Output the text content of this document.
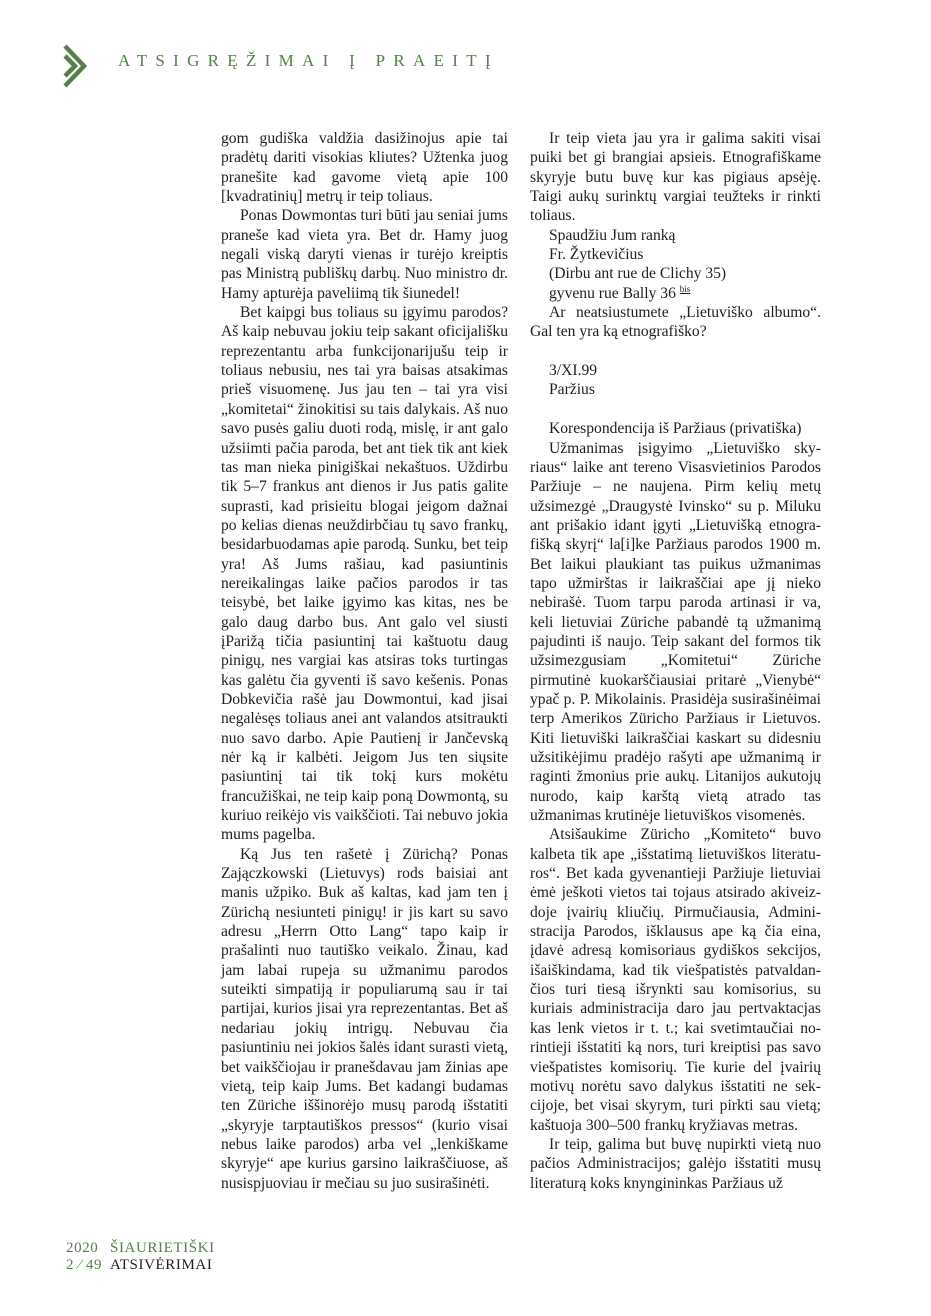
ATSIGRĘŽIMAI Į PRAEITĮ

gom gudiška valdžia dasižinojus apie tai pradėtų dariti visokias kliutes? Užtenka juog pranešite kad gavome vietą apie 100 [kvadratinių] metrų ir teip toliaus.

Ponas Dowmontas turi būti jau seniai jums praneše kad vieta yra. Bet dr. Hamy juog negali viską daryti vienas ir turėjo kreiptis pas Ministrą publiškų darbų. Nuo ministro dr. Hamy apturėja paveliimą tik šiunedel!

Bet kaipgi bus toliaus su įgyimu parodos? Aš kaip nebuvau jokiu teip sakant oficijališku reprezentantu arba funkcijonarijušu teip ir toliaus nebusiu, nes tai yra baisas atsakimas prieš visuomenę. Jus jau ten – tai yra visi „komitetai“ žinokitisi su tais dalykais. Aš nuo savo pusės galiu duoti rodą, mislę, ir ant galo užsiimti pačia paroda, bet ant tiek tik ant kiek tas man nieka pinigiškai nekaštuos. Uždirbu tik 5–7 frankus ant dienos ir Jus patis galite suprasti, kad prisieitu blogai jeigom dažnai po kelias dienas neuždirbčiau tų savo frankų, besidarbuodamas apie parodą. Sunku, bet teip yra! Aš Jums rašiau, kad pasiuntinis nereikalingas laike pačios parodos ir tas teisybė, bet laike įgyimo kas kitas, nes be galo daug darbo bus. Ant galo vel siusti įParižą tičia pasiuntinį tai kaštuotu daug pinigų, nes vargiai kas atsiras toks turtingas kas galėtu čia gyventi iš savo kešenis. Ponas Dobkevičia rašė jau Dowmontui, kad jisai negalėsęs toliaus anei ant valandos atsitraukti nuo savo darbo. Apie Pautienį ir Jančevską nėr ką ir kalbėti. Jeigom Jus ten siųsite pasiuntinį tai tik tokį kurs mokėtu francužiškai, ne teip kaip poną Dowmontą, su kuriuo reikėjo vis vaikščioti. Tai nebuvo jokia mums pagelba.

Ką Jus ten rašetė į Zürichą? Ponas Zajączkowski (Lietuvys) rods baisiai ant manis užpiko. Buk aš kaltas, kad jam ten į Zürichą nesiunteti pinigų! ir jis kart su savo adresu „Herrn Otto Lang“ tapo kaip ir prašalinti nuo tautiško veikalo. Žinau, kad jam labai rupeja su užmanimu parodos suteikti simpatiją ir populiarumą sau ir tai partijai, kurios jisai yra reprezentantas. Bet aš nedariau jokių intrigų. Nebuvau čia pasiuntiniu nei jokios šalės idant surasti vietą, bet vaikščiojau ir pranešdavau jam žinias ape vietą, teip kaip Jums. Bet kadangi budamas ten Züriche iššinorėjo musų parodą išstatiti „skyryje tarptautiškos pressos“ (kurio visai nebus laike parodos) arba vel „lenkiškame skyryje“ ape kurius garsino laikraščiuose, aš nusispjuoviau ir mečiau su juo susirašinėti.

Ir teip vieta jau yra ir galima sakiti visai puiki bet gi brangiai apsieis. Etnografiškame skyryje butu buvę kur kas pigiaus apsėję. Taigi aukų surinktų vargiai teužteks ir rinkti toliaus.

Spaudžiu Jum ranką

Fr. Žytkevičius

(Dirbu ant rue de Clichy 35)

gyvenu rue Bally 36 $^{bis}$

Ar neatsiustumete „Lietuviško albumo“. Gal ten yra ką etnografiško?

3/XI.99

Paržius

Korespondencija iš Paržiaus (privatiška)

Užmanimas įsigyimo „Lietuviško skyriaus“ laike ant tereno Visasvietinios Parodos Paržiuje – ne naujena. Pirm kelių metų užsimezgė „Draugystė Ivinsko“ su p. Miluku ant prišakio idant įgyti „Lietuvišką etnografišką skyrį“ la[i]ke Paržiaus parodos 1900 m. Bet laikui plaukiant tas puikus užmanimas tapo užmirštas ir laikraščiai ape jį nieko nebirašė. Tuom tarpu paroda artinasi ir va, keli lietuviai Züriche pabandė tą užmanimą pajudinti iš naujo. Teip sakant del formos tik užsimezgusiam „Komitetui“ Züriche pirmutinė kuokarščiausiai pritarė „Vienybė“ ypač p. P. Mikolainis. Prasidėja susirašinėimai terp Amerikos Züricho Paržiaus ir Lietuvos. Kiti lietuviški laikraščiai kaskart su didesniu užsitikėjimu pradėjo rašyti ape užmanimą ir raginti žmonius prie aukų. Litanijos aukutojų nurodo, kaip karštą vietą atrado tas užmanimas krutinėje lietuviškos visomenės.

Atsišaukime Züricho „Komiteto“ buvo kalbeta tik ape „išstatimą lietuviškos literaturos“. Bet kada gyvenantieji Paržiuje lietuviai ėmė ješkoti vietos tai tojaus atsirado akiveizdoje įvairių kliučių. Pirmučiausia, Administracija Parodos, išklausus ape ką čia eina, įdavė adresą komisoriaus gydiškos sekcijos, išaiškindama, kad tik viešpatistės patvaldančios turi tiesą išrynkti sau komisorius, su kuriais administracija daro jau pertvaktacjas kas lenk vietos ir t. t.; kai svetimtaučiai norintieji išstatiti ką nors, turi kreiptisi pas savo viešpatistes komisorių. Tie kurie del įvairių motivų norėtu savo dalykus išstatiti ne sekcijoje, bet visai skyrym, turi pirkti sau vietą; kaštuoja 300–500 frankų kryžiavas metras.

Ir teip, galima but buvę nupirkti vietą nuo pačios Administracijos; galėjo išstatiti musų literaturą koks knyngininkas Paržiaus už

2020 ŠIAURIETIŠKI
2 ⁄ 49 ATSIVĖRIMAI
